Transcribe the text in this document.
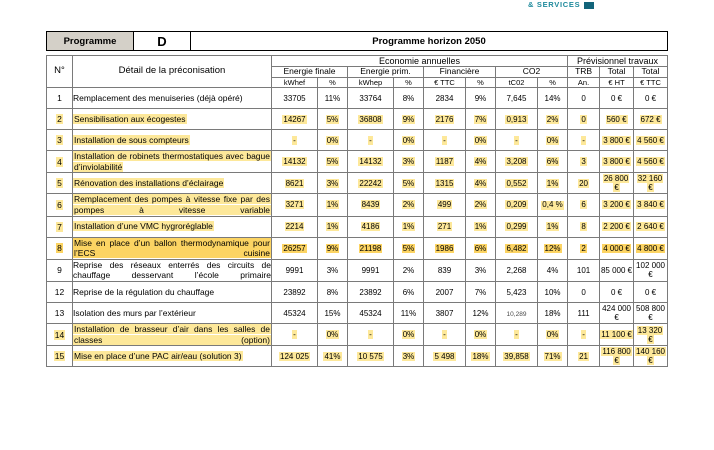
& SERVICES
Programme	D	Programme horizon 2050
N°	Détail de la préconisation	Economie annuelles								Prévisionnel travaux		
		Energie finale		Energie prim.		Financière		CO2		TRB	Total	Total
		kWhef	%	kWhep	%	€ TTC	%	tC02	%	An.	€ HT	€ TTC
1	Remplacement des menuiseries (déjà opéré)	33705	11%	33764	8%	2834	9%	7,645	14%	0	0 €	0 €
2	Sensibilisation aux écogestes	14267	5%	36808	9%	2176	7%	0,913	2%	0	560 €	672 €
3	Installation de sous compteurs	-	0%	-	0%	-	0%	-	0%	-	3 800 €	4 560 €
4	Installation de robinets thermostatiques avec bague d’inviolabilité	14132	5%	14132	3%	1187	4%	3,208	6%	3	3 800 €	4 560 €
5	Rénovation des installations d’éclairage	8621	3%	22242	5%	1315	4%	0,552	1%	20	26 800 €	32 160 €
6	Remplacement des pompes à vitesse fixe par des pompes à vitesse variable	3271	1%	8439	2%	499	2%	0,209	0,4 %	6	3 200 €	3 840 €
7	Installation d’une VMC hygroréglable	2214	1%	4186	1%	271	1%	0,299	1%	8	2 200 €	2 640 €
8	Mise en place d’un ballon thermodynamique pour l’ECS cuisine	26257	9%	21198	5%	1986	6%	6,482	12%	2	4 000 €	4 800 €
9	Reprise des réseaux enterrés des circuits de chauffage desservant l’école primaire	9991	3%	9991	2%	839	3%	2,268	4%	101	85 000 €	102 000 €
12	Reprise de la régulation du chauffage	23892	8%	23892	6%	2007	7%	5,423	10%	0	0 €	0 €
13	Isolation des murs par l’extérieur	45324	15%	45324	11%	3807	12%	10,289	18%	111	424 000 €	508 800 €
14	Installation de brasseur d’air dans les salles de classes (option)	-	0%	-	0%	-	0%	-	0%	-	11 100 €	13 320 €
15	Mise en place d’une PAC air/eau (solution 3)	124 025	41%	10 575	3%	5 498	18%	39,858	71%	21	116 800 €	140 160 €
